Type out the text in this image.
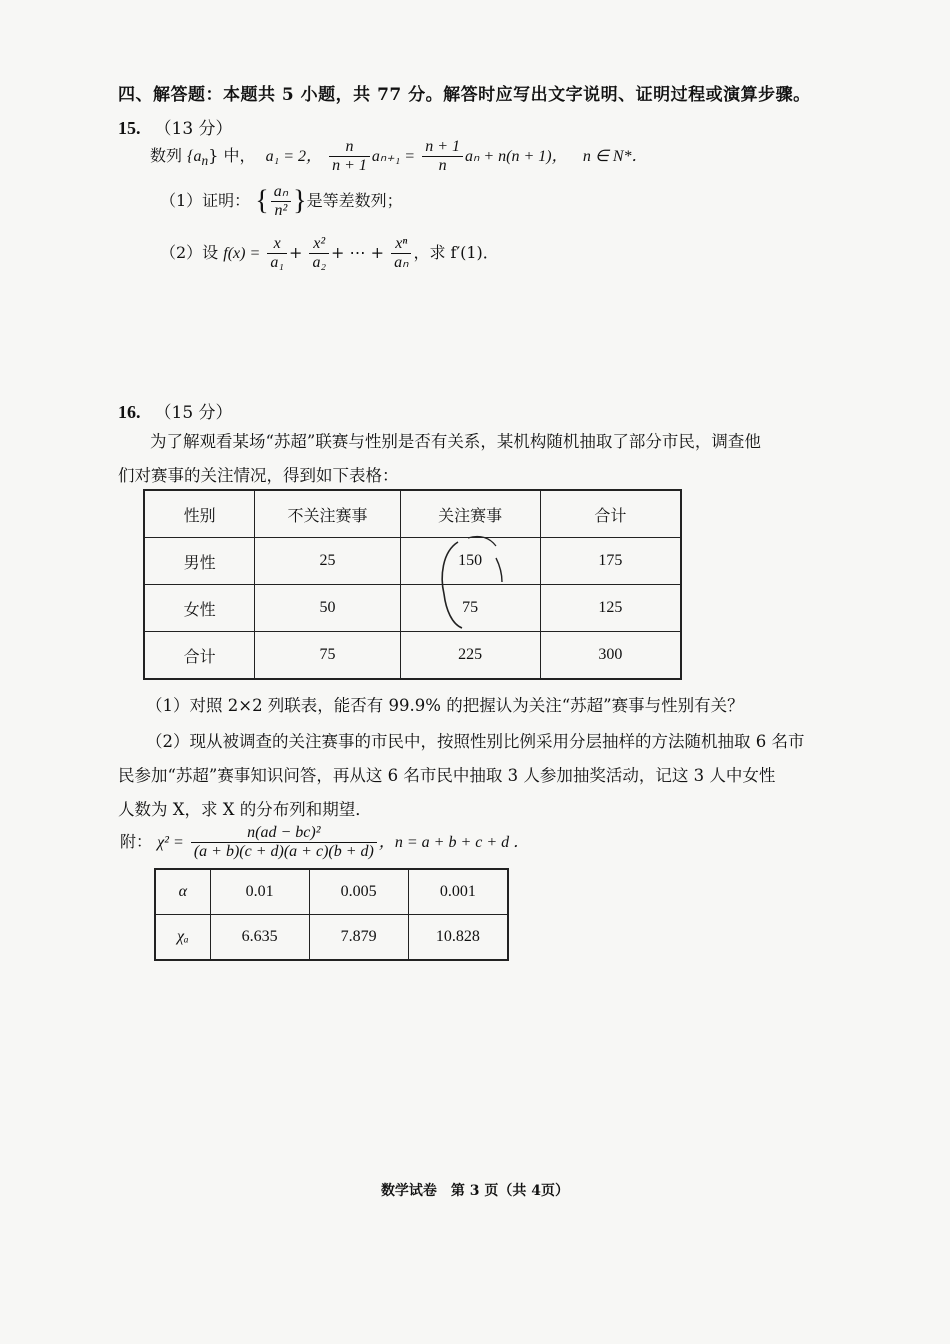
四、解答题：本题共 5 小题，共 77 分。解答时应写出文字说明、证明过程或演算步骤。
15. （13 分）
数列 $\{a_n\}$ 中， a₁ = 2， $\frac{n}{n + 1} a_{n+1} = \frac{n + 1}{n}$ aₙ + n(n + 1)， n ∈ N*．
（1）证明： { $\frac{\text{aₙ}}{\text{n²}}$ }是等差数列；
（2）设 $f(x) = \frac{x}{\text{a₁}} + \frac{\text{x²}}{\text{a₂}}$ + ⋯ + $\frac{\text{xⁿ}}{\text{aₙ}}$ ，求 f′(1)．
16. （15 分）
为了解观看某场“苏超”联赛与性别是否有关系，某机构随机抽取了部分市民，调查他
们对赛事的关注情况，得到如下表格：
性别	不关注赛事	关注赛事	合计
男性	25	150	175
女性	50	75	125
合计	75	225	300
（1）对照 2×2 列联表，能否有 99.9% 的把握认为关注“苏超”赛事与性别有关？
（2）现从被调查的关注赛事的市民中，按照性别比例采用分层抽样的方法随机抽取 6 名市
民参加“苏超”赛事知识问答，再从这 6 名市民中抽取 3 人参加抽奖活动，记这 3 人中女性
人数为 X，求 X 的分布列和期望．
附： $\chi^2 = \frac{\text{n(ad − bc)²}}{(a + b)(c + d)(a + c)(b + d)}$ ，n = a + b + c + d ．
α	0.01	0.005	0.001
χₐ	6.635	7.879	10.828
数学试卷　第 3 页（共 4页）
